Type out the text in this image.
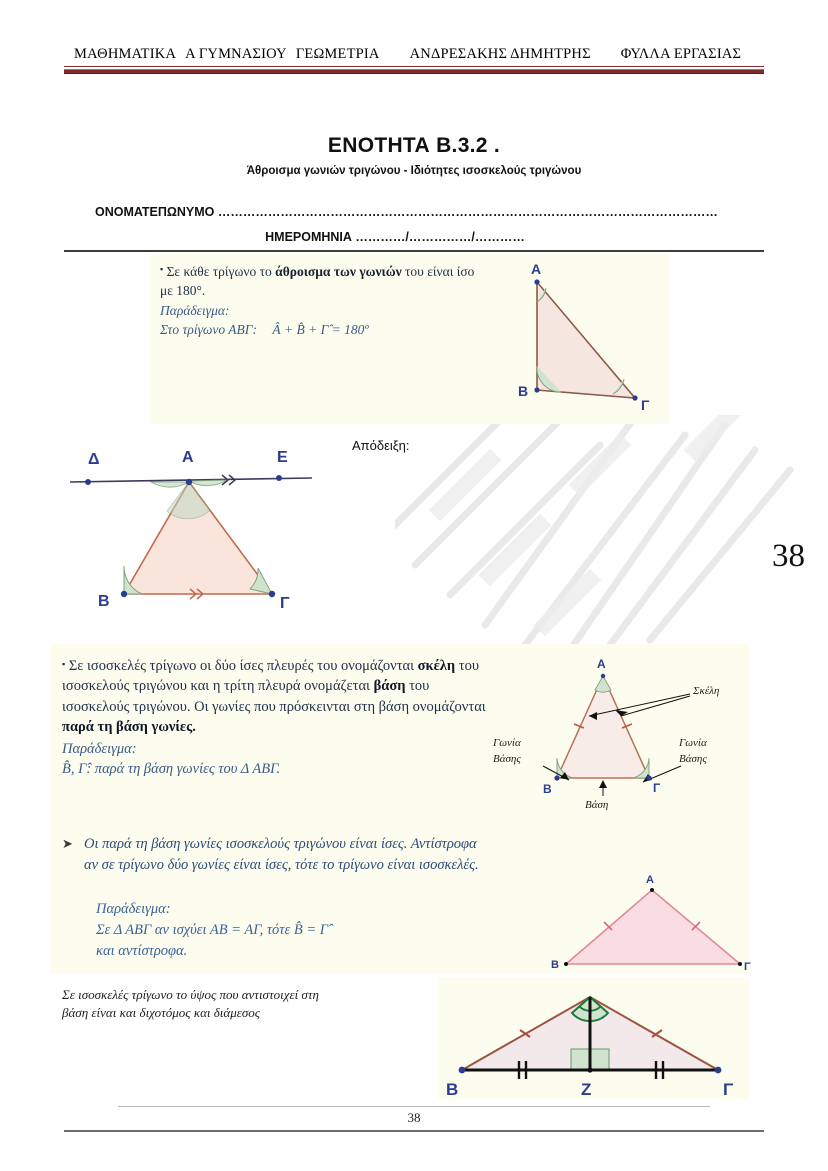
ΜΑΘΗΜΑΤΙΚΑ Α ΓΥΜΝΑΣΙΟΥ ΓΕΩΜΕΤΡΙΑ ΑΝΔΡΕΣΑΚΗΣ ΔΗΜΗΤΡΗΣ ΦΥΛΛΑ ΕΡΓΑΣΙΑΣ
ΕΝΟΤΗΤΑ Β.3.2 .
Άθροισμα γωνιών τριγώνου - Ιδιότητες ισοσκελούς τριγώνου
ΟΝΟΜΑΤΕΠΩΝΥΜΟ …………………………………………………………………………………………………………
ΗΜΕΡΟΜΗΝΙΑ …………/……………/…………
▪ Σε κάθε τρίγωνο το άθροισμα των γωνιών του είναι ίσο με 180°.
Παράδειγμα:
Στο τρίγωνο ΑΒΓ: Â + B̂ + Γ̂ = 180º
Α
Β
Γ
Απόδειξη:
Δ	Α	Ε
Β	Γ
38
▪ Σε ισοσκελές τρίγωνο οι δύο ίσες πλευρές του ονομάζονται σκέλη του ισοσκελούς τριγώνου και η τρίτη πλευρά ονομάζεται βάση του ισοσκελούς τριγώνου. Οι γωνίες που πρόσκεινται στη βάση ονομάζονται παρά τη βάση γωνίες.
Παράδειγμα:
B̂, Γ̂: παρά τη βάση γωνίες του Δ ΑΒΓ.
Α
Β	Γ
Σκέλη
Γωνία
Βάσης
Γωνία
Βάσης
Βάση
➤ Οι παρά τη βάση γωνίες ισοσκελούς τριγώνου είναι ίσες. Αντίστροφα
αν σε τρίγωνο δύο γωνίες είναι ίσες, τότε το τρίγωνο είναι ισοσκελές.
Παράδειγμα:
Σε Δ ΑΒΓ αν ισχύει ΑΒ = ΑΓ, τότε B̂ = Γ̂
και αντίστροφα.
Α
Β	Γ
Σε ισοσκελές τρίγωνο το ύψος που αντιστοιχεί στη
βάση είναι και διχοτόμος και διάμεσος
Β	Ζ	Γ
38
